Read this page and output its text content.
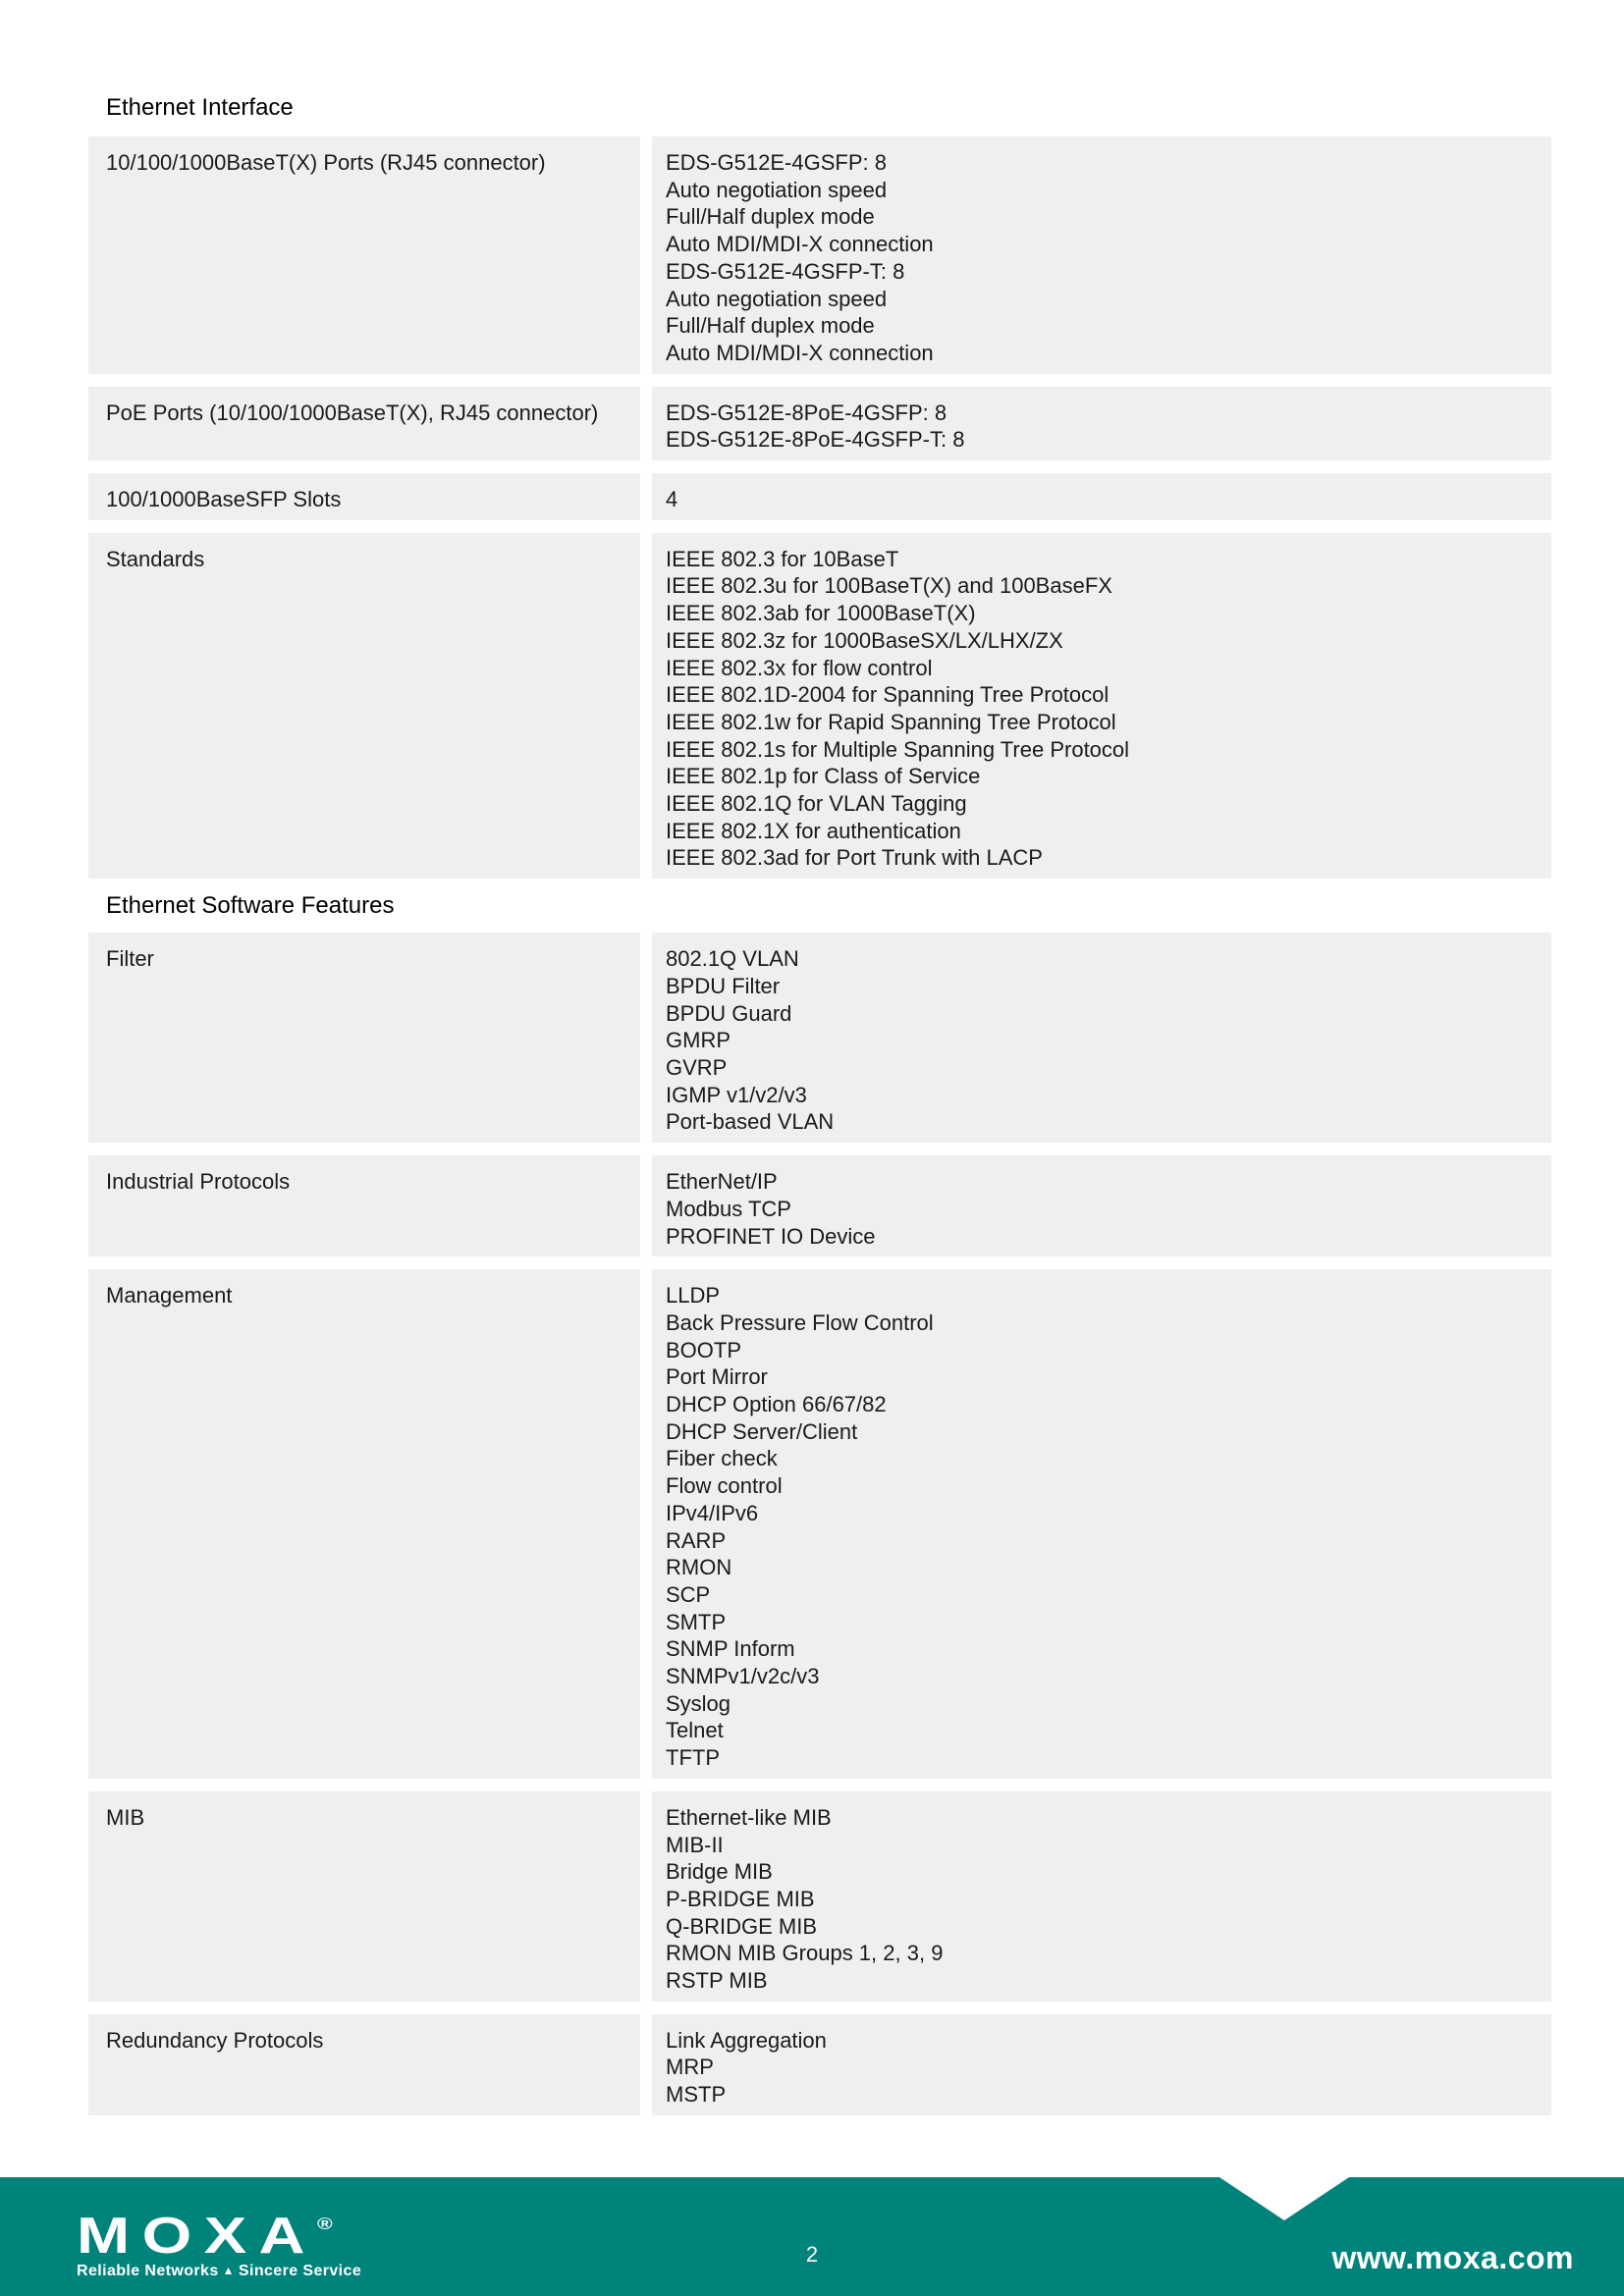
Ethernet Interface
10/100/1000BaseT(X) Ports (RJ45 connector)	EDS-G512E-4GSFP: 8
Auto negotiation speed
Full/Half duplex mode
Auto MDI/MDI-X connection
EDS-G512E-4GSFP-T: 8
Auto negotiation speed
Full/Half duplex mode
Auto MDI/MDI-X connection
PoE Ports (10/100/1000BaseT(X), RJ45 connector)	EDS-G512E-8PoE-4GSFP: 8
EDS-G512E-8PoE-4GSFP-T: 8
100/1000BaseSFP Slots	4
Standards	IEEE 802.3 for 10BaseT
IEEE 802.3u for 100BaseT(X) and 100BaseFX
IEEE 802.3ab for 1000BaseT(X)
IEEE 802.3z for 1000BaseSX/LX/LHX/ZX
IEEE 802.3x for flow control
IEEE 802.1D-2004 for Spanning Tree Protocol
IEEE 802.1w for Rapid Spanning Tree Protocol
IEEE 802.1s for Multiple Spanning Tree Protocol
IEEE 802.1p for Class of Service
IEEE 802.1Q for VLAN Tagging
IEEE 802.1X for authentication
IEEE 802.3ad for Port Trunk with LACP
Ethernet Software Features
Filter	802.1Q VLAN
BPDU Filter
BPDU Guard
GMRP
GVRP
IGMP v1/v2/v3
Port-based VLAN
Industrial Protocols	EtherNet/IP
Modbus TCP
PROFINET IO Device
Management	LLDP
Back Pressure Flow Control
BOOTP
Port Mirror
DHCP Option 66/67/82
DHCP Server/Client
Fiber check
Flow control
IPv4/IPv6
RARP
RMON
SCP
SMTP
SNMP Inform
SNMPv1/v2c/v3
Syslog
Telnet
TFTP
MIB	Ethernet-like MIB
MIB-II
Bridge MIB
P-BRIDGE MIB
Q-BRIDGE MIB
RMON MIB Groups 1, 2, 3, 9
RSTP MIB
Redundancy Protocols	Link Aggregation
MRP
MSTP
MOXA®
Reliable Networks ▲ Sincere Service
2	www.moxa.com
